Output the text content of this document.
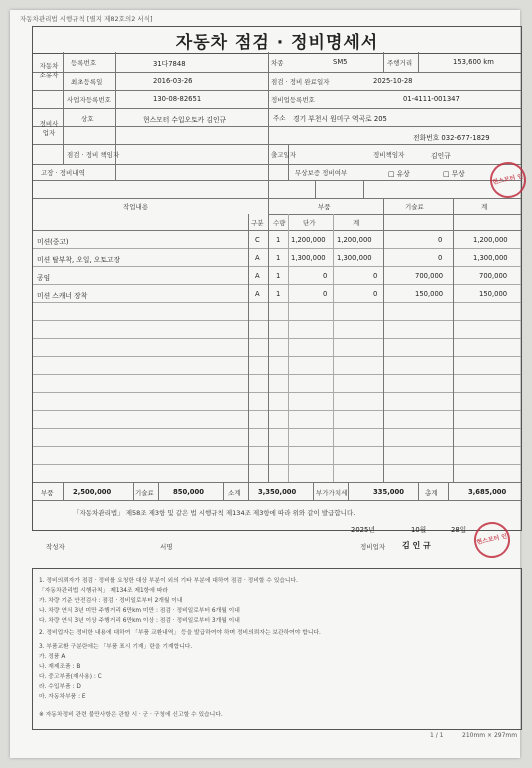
자동차관리법 시행규칙 [별지 제82호의2 서식]
자동차 점검 · 정비명세서
자동차 소유자
등록번호	31다7848	차종	SM5	주행거리	153,600 km
최초등록일	2016-03-26	점검 · 정비 완료일자	2025-10-28
정비사업자
사업자등록번호	130-08-82651	정비업등록번호	01-4111-001347
상호	현스모터 수입오토카 김인규	주소 경기 부천시 원미구 역곡로 205
전화번호 032-677-1829
점검 · 정비 책임자	출고일자	정비책임자	김인규
고장 · 정비내역	무상보증 정비여부	□ 유상	□ 무상
작업내용	부품	기술료	계
구분 수량	단가	계
미션(중고)	C 1 1,200,000 1,200,000	0	1,200,000
미션 탈부착, 오일, 오토고장	A 1 1,300,000 1,300,000	0	1,300,000
공임	A 1	0	0	700,000	700,000
미션 스캐너 장착	A 1	0	0	150,000	150,000
부품	2,500,000	기술료	850,000	소계	3,350,000	부가가치세	335,000	총계	3,685,000
「자동차관리법」 제58조 제3항 및 같은 법 시행규칙 제134조 제3항에 따라 위와 같이 발급합니다.
2025년	10월	28일
작성자	서명	정비업자 김 인 규
현스모터 인
현스모터 인
1. 정비의뢰자가 점검 · 정비를 요청한 대상 부분이 외의 기타 부분에 대하여 점검 · 정비할 수 있습니다.
「자동차관리법 시행규칙」 제134조 제1항에 따라
가. 차량 기준 안전검사 : 점검 · 정비일로부터 2개월 이내
나. 차량 연식 3년 미만 주행거리 6만km 미만 : 점검 · 정비일로부터 6개월 이내
다. 차량 연식 3년 이상 주행거리 6만km 이상 : 점검 · 정비일로부터 3개월 이내
2. 정비업자는 정비한 내용에 대하여 「부품 교환내역」 등을 발급하여야 하며 정비의뢰자는 보관하여야 합니다.
3. 부품교환 구분란에는 「부품 표시 기재」란을 기재합니다.
가. 정품 A
나. 재제조품 : B
다. 중고부품(재사용) : C
라. 수입부품 : D
마. 자동차부품 : E
※ 자동차정비 관련 불만사항은 관할 시 · 군 · 구청에 신고할 수 있습니다.
1 / 1	210mm × 297mm
